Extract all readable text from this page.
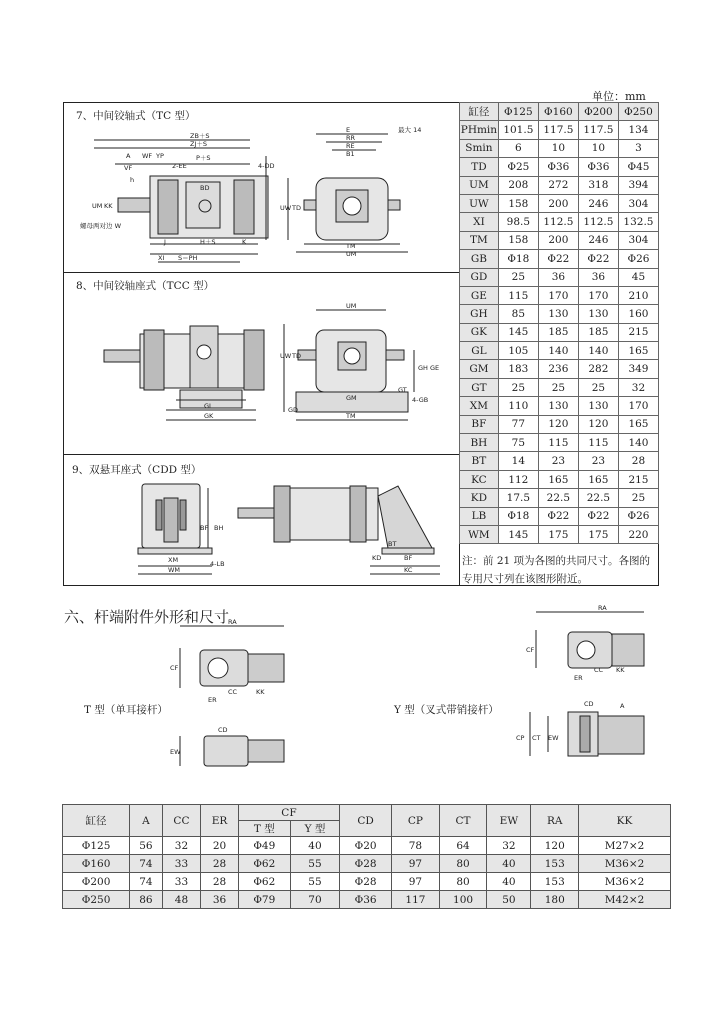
单位：mm
7、中间铰轴式（TC 型）
8、中间铰轴座式（TCC 型）
9、双悬耳座式（CDD 型）
ZB＋S
ZJ＋S
P＋S
A WF YP
VF	2-EE
BD
UM KK
h
J	H＋S	K
XI S＝PH
4-DD
螺母两对边 W
E
RR
RE
B1
最大 14
UW TD
TM
UM
UM
UW TD
GH GE
GT
4-GB
GM
GD
TM
GL
GK
BF BH
XM
WM
4-LB
BT
BF
KD
KC
RA
CF
ER
CC	KK
CD
EW
RA
CF
ER
CC KK
CD	A
CP CT EW
缸径	Φ125	Φ160	Φ200	Φ250
PHmin	101.5	117.5	117.5	134
Smin	6	10	10	3
TD	Φ25	Φ36	Φ36	Φ45
UM	208	272	318	394
UW	158	200	246	304
XI	98.5	112.5	112.5	132.5
TM	158	200	246	304
GB	Φ18	Φ22	Φ22	Φ26
GD	25	36	36	45
GE	115	170	170	210
GH	85	130	130	160
GK	145	185	185	215
GL	105	140	140	165
GM	183	236	282	349
GT	25	25	25	32
XM	110	130	130	170
BF	77	120	120	165
BH	75	115	115	140
BT	14	23	23	28
KC	112	165	165	215
KD	17.5	22.5	22.5	25
LB	Φ18	Φ22	Φ22	Φ26
WM	145	175	175	220
注：前 21 项为各图的共同尺寸。各图的专用尺寸列在该图形附近。
六、杆端附件外形和尺寸
T 型（单耳接杆）	Y 型（叉式带销接杆）
缸径	A	CC	ER	CF		CD	CP	CT	EW	RA	KK
				T 型	Y 型						
Φ125	56	32	20	Φ49	40	Φ20	78	64	32	120	M27×2
Φ160	74	33	28	Φ62	55	Φ28	97	80	40	153	M36×2
Φ200	74	33	28	Φ62	55	Φ28	97	80	40	153	M36×2
Φ250	86	48	36	Φ79	70	Φ36	117	100	50	180	M42×2
